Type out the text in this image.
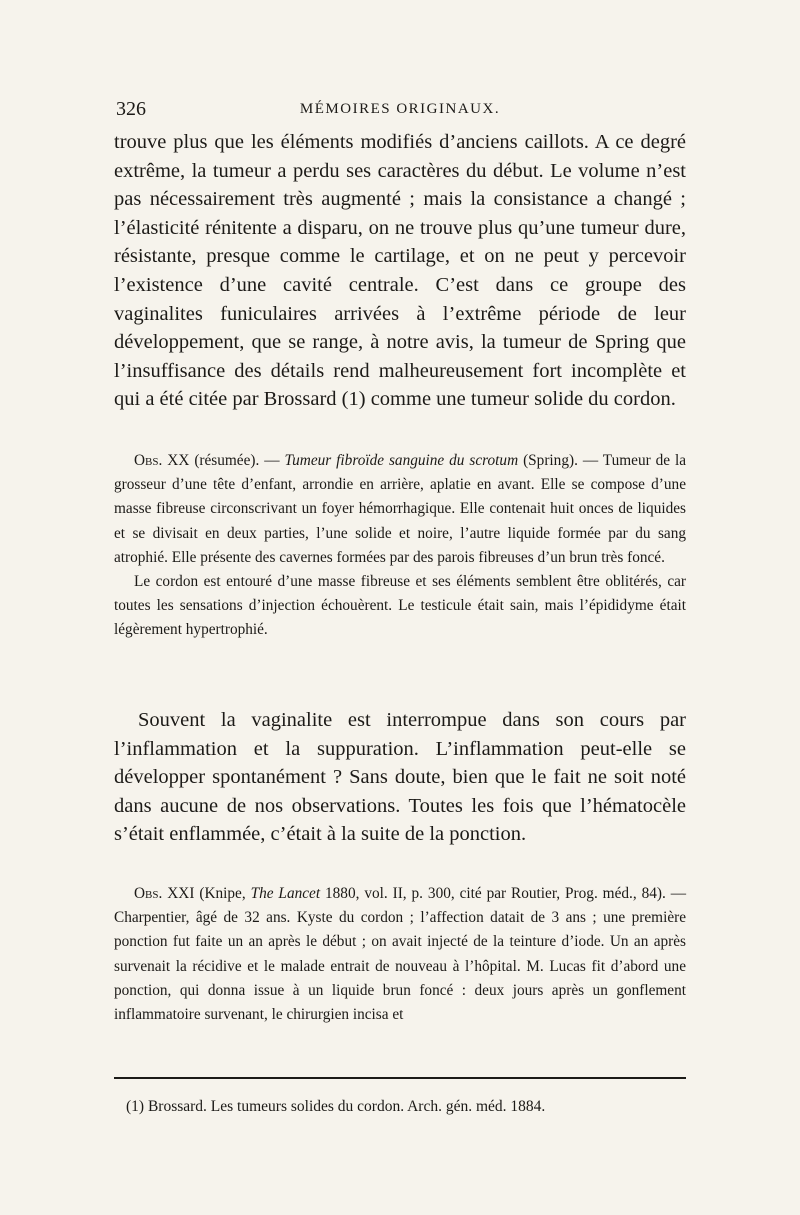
326	MÉMOIRES ORIGINAUX.

trouve plus que les éléments modifiés d’anciens caillots. A ce degré extrême, la tumeur a perdu ses caractères du début. Le volume n’est pas nécessairement très augmenté ; mais la consistance a changé ; l’élasticité rénitente a disparu, on ne trouve plus qu’une tumeur dure, résistante, presque comme le cartilage, et on ne peut y percevoir l’existence d’une cavité centrale. C’est dans ce groupe des vaginalites funiculaires arrivées à l’extrême période de leur développement, que se range, à notre avis, la tumeur de Spring que l’insuffisance des détails rend malheureusement fort incomplète et qui a été citée par Brossard (1) comme une tumeur solide du cordon.

Obs. XX (résumée). — Tumeur fibroïde sanguine du scrotum (Spring). — Tumeur de la grosseur d’une tête d’enfant, arrondie en arrière, aplatie en avant. Elle se compose d’une masse fibreuse circonscrivant un foyer hémorrhagique. Elle contenait huit onces de liquides et se divisait en deux parties, l’une solide et noire, l’autre liquide formée par du sang atrophié. Elle présente des cavernes formées par des parois fibreuses d’un brun très foncé.

Le cordon est entouré d’une masse fibreuse et ses éléments semblent être oblitérés, car toutes les sensations d’injection échouèrent. Le testicule était sain, mais l’épididyme était légèrement hypertrophié.

Souvent la vaginalite est interrompue dans son cours par l’inflammation et la suppuration. L’inflammation peut-elle se développer spontanément ? Sans doute, bien que le fait ne soit noté dans aucune de nos observations. Toutes les fois que l’hématocèle s’était enflammée, c’était à la suite de la ponction.

Obs. XXI (Knipe, The Lancet 1880, vol. II, p. 300, cité par Routier, Prog. méd., 84). — Charpentier, âgé de 32 ans. Kyste du cordon ; l’affection datait de 3 ans ; une première ponction fut faite un an après le début ; on avait injecté de la teinture d’iode. Un an après survenait la récidive et le malade entrait de nouveau à l’hôpital. M. Lucas fit d’abord une ponction, qui donna issue à un liquide brun foncé : deux jours après un gonflement inflammatoire survenant, le chirurgien incisa et

(1) Brossard. Les tumeurs solides du cordon. Arch. gén. méd. 1884.
